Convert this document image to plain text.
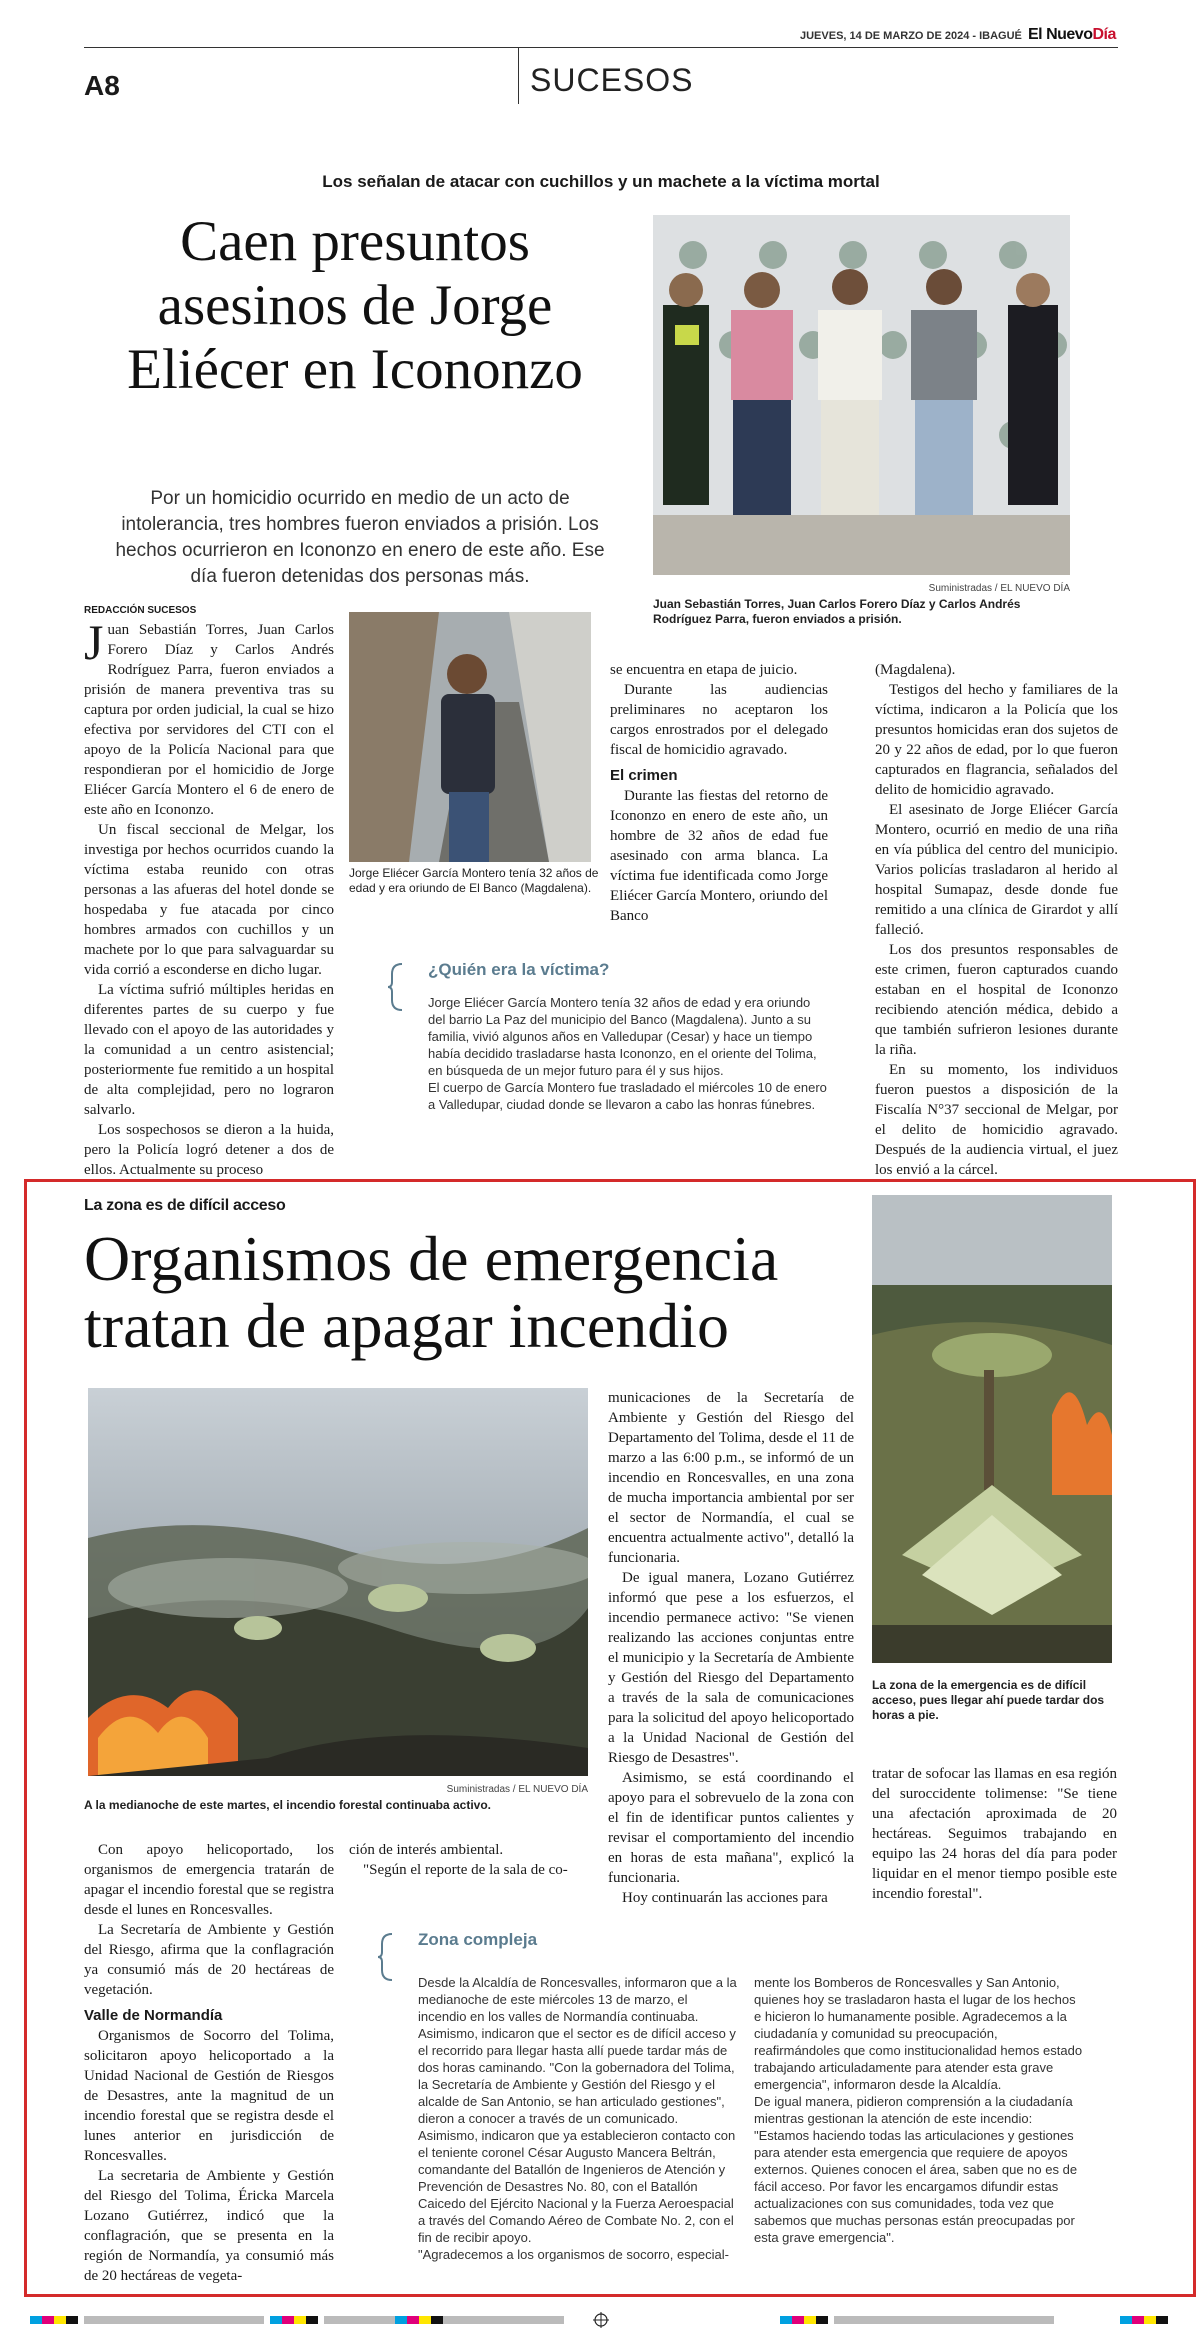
JUEVES, 14 DE MARZO DE 2024 - IBAGUÉ El NuevoDía
A8	SUCESOS
Los señalan de atacar con cuchillos y un machete a la víctima mortal
Caen presuntos asesinos de Jorge Eliécer en Icononzo
Por un homicidio ocurrido en medio de un acto de intolerancia, tres hombres fueron enviados a prisión. Los hechos ocurrieron en Icononzo en enero de este año. Ese día fueron detenidas dos personas más.
Suministradas / EL NUEVO DÍA
Juan Sebastián Torres, Juan Carlos Forero Díaz y Carlos Andrés Rodríguez Parra, fueron enviados a prisión.
REDACCIÓN SUCESOS

Juan Sebastián Torres, Juan Carlos Forero Díaz y Carlos Andrés Rodríguez Parra, fueron enviados a prisión de manera preventiva tras su captura por orden judicial, la cual se hizo efectiva por servidores del CTI con el apoyo de la Policía Nacional para que respondieran por el homicidio de Jorge Eliécer García Montero el 6 de enero de este año en Icononzo.

Un fiscal seccional de Melgar, los investiga por hechos ocurridos cuando la víctima estaba reunido con otras personas a las afueras del hotel donde se hospedaba y fue atacada por cinco hombres armados con cuchillos y un machete por lo que para salvaguardar su vida corrió a esconderse en dicho lugar.

La víctima sufrió múltiples heridas en diferentes partes de su cuerpo y fue llevado con el apoyo de las autoridades y la comunidad a un centro asistencial; posteriormente fue remitido a un hospital de alta complejidad, pero no lograron salvarlo.

Los sospechosos se dieron a la huida, pero la Policía logró detener a dos de ellos. Actualmente su proceso

Jorge Eliécer García Montero tenía 32 años de edad y era oriundo de El Banco (Magdalena).

se encuentra en etapa de juicio.

Durante las audiencias preliminares no aceptaron los cargos enrostrados por el delegado fiscal de homicidio agravado.

El crimen

Durante las fiestas del retorno de Icononzo en enero de este año, un hombre de 32 años de edad fue asesinado con arma blanca. La víctima fue identificada como Jorge Eliécer García Montero, oriundo del Banco

(Magdalena).

Testigos del hecho y familiares de la víctima, indicaron a la Policía que los presuntos homicidas eran dos sujetos de 20 y 22 años de edad, por lo que fueron capturados en flagrancia, señalados del delito de homicidio agravado.

El asesinato de Jorge Eliécer García Montero, ocurrió en medio de una riña en vía pública del centro del municipio. Varios policías trasladaron al herido al hospital Sumapaz, desde donde fue remitido a una clínica de Girardot y allí falleció.

Los dos presuntos responsables de este crimen, fueron capturados cuando estaban en el hospital de Icononzo recibiendo atención médica, debido a que también sufrieron lesiones durante la riña.

En su momento, los individuos fueron puestos a disposición de la Fiscalía N°37 seccional de Melgar, por el delito de homicidio agravado. Después de la audiencia virtual, el juez los envió a la cárcel.

¿Quién era la víctima?

Jorge Eliécer García Montero tenía 32 años de edad y era oriundo del barrio La Paz del municipio del Banco (Magdalena). Junto a su familia, vivió algunos años en Valledupar (Cesar) y hace un tiempo había decidido trasladarse hasta Icononzo, en el oriente del Tolima, en búsqueda de un mejor futuro para él y sus hijos.

El cuerpo de García Montero fue trasladado el miércoles 10 de enero a Valledupar, ciudad donde se llevaron a cabo las honras fúnebres.

La zona es de difícil acceso
Organismos de emergencia tratan de apagar incendio
Suministradas / EL NUEVO DÍA
A la medianoche de este martes, el incendio forestal continuaba activo.
La zona de la emergencia es de difícil acceso, pues llegar ahí puede tardar dos horas a pie.

municaciones de la Secretaría de Ambiente y Gestión del Riesgo del Departamento del Tolima, desde el 11 de marzo a las 6:00 p.m., se informó de un incendio en Roncesvalles, en una zona de mucha importancia ambiental por ser el sector de Normandía, el cual se encuentra actualmente activo", detalló la funcionaria.

De igual manera, Lozano Gutiérrez informó que pese a los esfuerzos, el incendio permanece activo: "Se vienen realizando las acciones conjuntas entre el municipio y la Secretaría de Ambiente y Gestión del Riesgo del Departamento a través de la sala de comunicaciones para la solicitud del apoyo helicoportado a la Unidad Nacional de Gestión del Riesgo de Desastres".

Asimismo, se está coordinando el apoyo para el sobrevuelo de la zona con el fin de identificar puntos calientes y revisar el comportamiento del incendio en horas de esta mañana", explicó la funcionaria.

Hoy continuarán las acciones para

tratar de sofocar las llamas en esa región del suroccidente tolimense: "Se tiene una afectación aproximada de 20 hectáreas. Seguimos trabajando en equipo las 24 horas del día para poder liquidar en el menor tiempo posible este incendio forestal".

Con apoyo helicoportado, los organismos de emergencia tratarán de apagar el incendio forestal que se registra desde el lunes en Roncesvalles.

La Secretaría de Ambiente y Gestión del Riesgo, afirma que la conflagración ya consumió más de 20 hectáreas de vegetación.

Valle de Normandía

Organismos de Socorro del Tolima, solicitaron apoyo helicoportado a la Unidad Nacional de Gestión de Riesgos de Desastres, ante la magnitud de un incendio forestal que se registra desde el lunes anterior en jurisdicción de Roncesvalles.

La secretaria de Ambiente y Gestión del Riesgo del Tolima, Éricka Marcela Lozano Gutiérrez, indicó que la conflagración, que se presenta en la región de Normandía, ya consumió más de 20 hectáreas de vegeta-

ción de interés ambiental.

"Según el reporte de la sala de co-

Zona compleja

Desde la Alcaldía de Roncesvalles, informaron que a la medianoche de este miércoles 13 de marzo, el incendio en los valles de Normandía continuaba. Asimismo, indicaron que el sector es de difícil acceso y el recorrido para llegar hasta allí puede tardar más de dos horas caminando. "Con la gobernadora del Tolima, la Secretaría de Ambiente y Gestión del Riesgo y el alcalde de San Antonio, se han articulado gestiones", dieron a conocer a través de un comunicado.

Asimismo, indicaron que ya establecieron contacto con el teniente coronel César Augusto Mancera Beltrán, comandante del Batallón de Ingenieros de Atención y Prevención de Desastres No. 80, con el Batallón Caicedo del Ejército Nacional y la Fuerza Aeroespacial a través del Comando Aéreo de Combate No. 2, con el fin de recibir apoyo.

"Agradecemos a los organismos de socorro, especial-

mente los Bomberos de Roncesvalles y San Antonio, quienes hoy se trasladaron hasta el lugar de los hechos e hicieron lo humanamente posible. Agradecemos a la ciudadanía y comunidad su preocupación, reafirmándoles que como institucionalidad hemos estado trabajando articuladamente para atender esta grave emergencia", informaron desde la Alcaldía.

De igual manera, pidieron comprensión a la ciudadanía mientras gestionan la atención de este incendio: "Estamos haciendo todas las articulaciones y gestiones para atender esta emergencia que requiere de apoyos externos. Quienes conocen el área, saben que no es de fácil acceso. Por favor les encargamos difundir estas actualizaciones con sus comunidades, toda vez que sabemos que muchas personas están preocupadas por esta grave emergencia".
